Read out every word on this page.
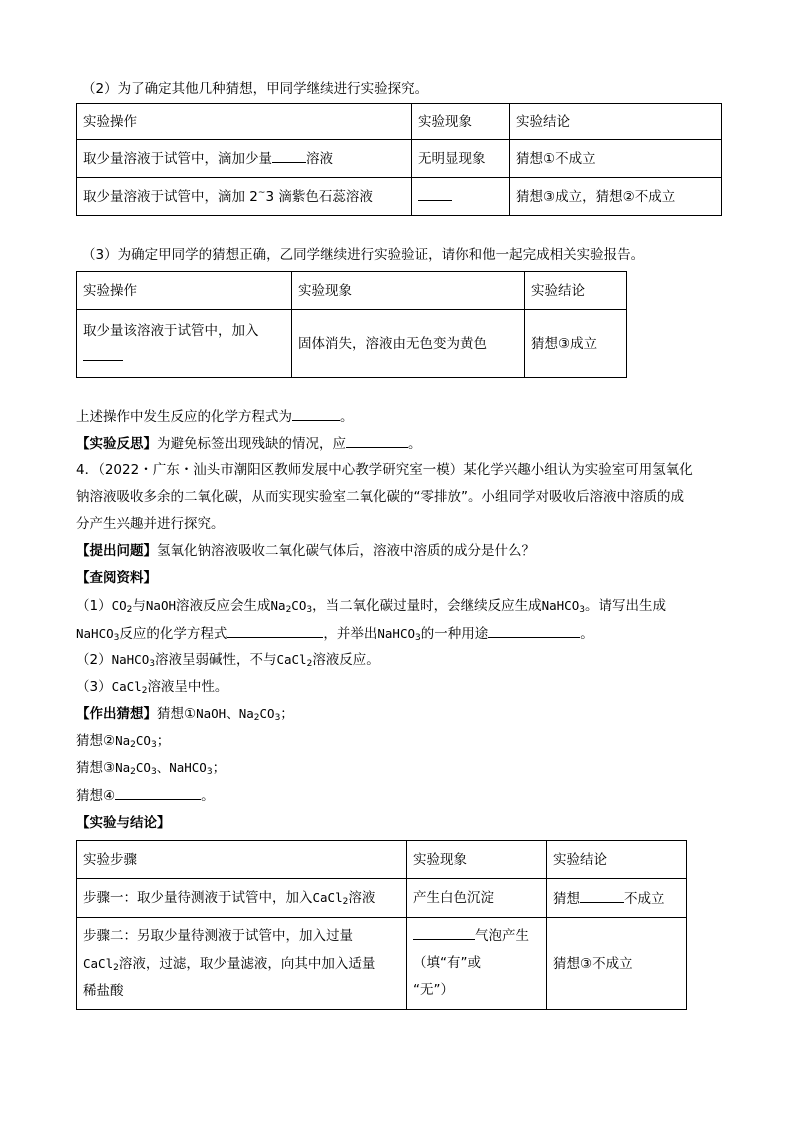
（2）为了确定其他几种猜想，甲同学继续进行实验探究。
实验操作	实验现象	实验结论
取少量溶液于试管中，滴加少量 溶液	无明显现象	猜想①不成立
取少量溶液于试管中，滴加 2~3 滴紫色石蕊溶液		猜想③成立，猜想②不成立
（3）为确定甲同学的猜想正确，乙同学继续进行实验验证，请你和他一起完成相关实验报告。
实验操作	实验现象	实验结论
取少量该溶液于试管中，加入	固体消失，溶液由无色变为黄色	猜想③成立
上述操作中发生反应的化学方程式为	。
【实验反思】为避免标签出现残缺的情况，应	。
4．（2022・广东・汕头市潮阳区教师发展中心教学研究室一模）某化学兴趣小组认为实验室可用氢氧化
钠溶液吸收多余的二氧化碳，从而实现实验室二氧化碳的“零排放”。小组同学对吸收后溶液中溶质的成
分产生兴趣并进行探究。
【提出问题】氢氧化钠溶液吸收二氧化碳气体后，溶液中溶质的成分是什么？
【查阅资料】
$(1)CO_2$与NaOH溶液反应会生成$Na_2CO_3$，当二氧化碳过量时，会继续反应生成NaHCO$_3$。请写出生成
NaHCO$_3$反应的化学方程式	，并举出NaHCO$_3$的一种用途	。
（2）NaHCO$_3$溶液呈弱碱性，不与CaCl$_2$溶液反应。
（3）CaCl$_2$溶液呈中性。
【作出猜想】猜想①NaOH、$Na_2CO_3$；
猜想$②Na_2CO_3$；
猜想$③Na_2CO_3$、NaHCO$_3$；
猜想④	。
【实验与结论】
实验步骤	实验现象	实验结论
步骤一：取少量待测液于试管中，加入CaCl$_2$溶液	产生白色沉淀	猜想 不成立
步骤二：另取少量待测液于试管中，加入过量
CaCl$_2$溶液，过滤，取少量滤液，向其中加入适量
稀盐酸	气泡产生
（填“有”或
“无”）	猜想③不成立
